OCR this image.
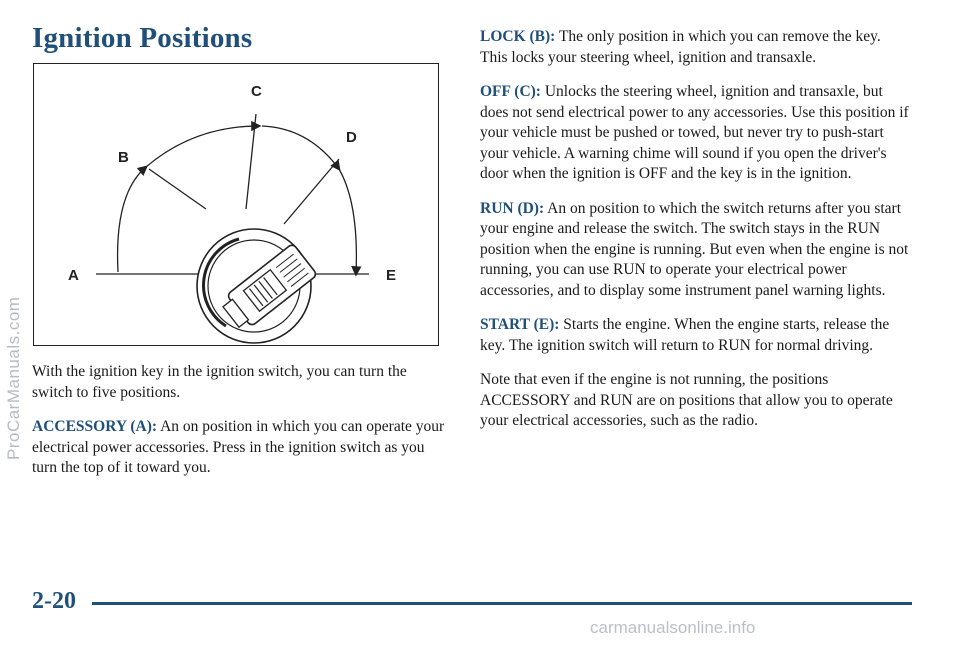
Ignition Positions
C
B
D
A	E

With the ignition key in the ignition switch, you can turn the switch to five positions.

ACCESSORY (A): An on position in which you can operate your electrical power accessories. Press in the ignition switch as you turn the top of it toward you.

LOCK (B): The only position in which you can remove the key. This locks your steering wheel, ignition and transaxle.

OFF (C): Unlocks the steering wheel, ignition and transaxle, but does not send electrical power to any accessories. Use this position if your vehicle must be pushed or towed, but never try to push-start your vehicle. A warning chime will sound if you open the driver's door when the ignition is OFF and the key is in the ignition.

RUN (D): An on position to which the switch returns after you start your engine and release the switch. The switch stays in the RUN position when the engine is running. But even when the engine is not running, you can use RUN to operate your electrical power accessories, and to display some instrument panel warning lights.

START (E): Starts the engine. When the engine starts, release the key. The ignition switch will return to RUN for normal driving.

Note that even if the engine is not running, the positions ACCESSORY and RUN are on positions that allow you to operate your electrical accessories, such as the radio.

ProCarManuals.com
2-20
carmanualsonline.info
